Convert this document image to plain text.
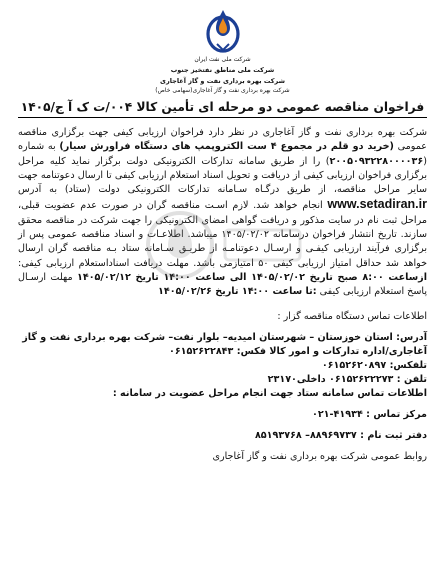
شرکت ملی نفت ایران
شرکت ملی مناطق نفتخیز جنوب
شرکت بهره برداری نفت و گاز آغاجاری
شرکت بهره برداری نفت و گاز آغاجاری(سهامی خاص)
فراخوان مناقصه عمومی دو مرحله ای تأمین کالا ۰۰۴/ت ک آ ج/۱۴۰۵

شرکت بهره برداری نفت و گاز آغاجاری در نظر دارد فراخوان ارزیابی کیفی جهت برگزاری مناقصه عمومی (خرید دو قلم در مجموع ۴ ست الکتروپمپ های دستگاه فراورش سیار) به شماره (۲۰۰۵۰۹۳۲۲۸۰۰۰۰۳۶) را از طریق سامانه تدارکات الکترونیکی دولت برگزار نماید کلیه مراحل برگزاری فراخوان ارزیابی کیفی از دریافت و تحویل اسناد استعلام ارزیابی کیفی تا ارسال دعوتنامه جهت سایر مراحل مناقصه، از طریق درگـاه سـامانه تدارکات الکترونیکی دولت (ستاد) به آدرس www.setadiran.ir انجام خواهد شد. لازم اسـت مناقصه گران در صورت عدم عضویت قبلی، مراحل ثبت نام در سایت مذکور و دریافت گواهی امضای الکترونیکی را جهت شرکت در مناقصه محقق سازند. تاریخ انتشار فراخوان درسامانه ۱۴۰۵/۰۲/۰۲ میباشد. اطلاعـات و اسناد مناقصه عمومی پس از برگزاری فرآیند ارزیابی کیفـی و ارسـال دعوتنامـه از طریـق سـامانه ستاد بـه مناقصه گران ارسال خواهد شد حداقل امتیاز ارزیابی کیفی ۵۰ امتیازمی باشد. مهلت دریافت اسناداستعلام ارزیابی کیفی: ازساعت ۸:۰۰ صبح تاریخ ۱۴۰۵/۰۲/۰۲ الی ساعت ۱۴:۰۰ تاریخ ۱۴۰۵/۰۲/۱۲ مهلت ارسـال پاسخ استعلام ارزیابی کیفی :تا ساعت ۱۴:۰۰ تاریخ ۱۴۰۵/۰۲/۲۶

اطلاعات تماس دستگاه مناقصه گزار :

آدرس: استان خوزستان – شهرستان امیدیه– بلوار نفت– شرکت بهره برداری نفت و گاز آغاجاری/اداره تدارکات و امور کالا فکس: ۰۶۱۵۲۶۲۲۸۴۳

تلفکس: ۰۶۱۵۲۶۲۰۸۹۷

تلفن : ۰۶۱۵۲۶۲۲۲۷۳ داخلی۲۳۱۷۰

اطلاعات تماس سامانه ستاد جهت انجام مراحل عضویت در سامانه :

مرکز تماس : ۴۱۹۳۴-۰۲۱

دفتر ثبت نام : ۸۸۹۶۹۷۳۷– ۸۵۱۹۳۷۶۸

روابط عمومی شرکت بهره برداری نفت و گاز آغاجاری
